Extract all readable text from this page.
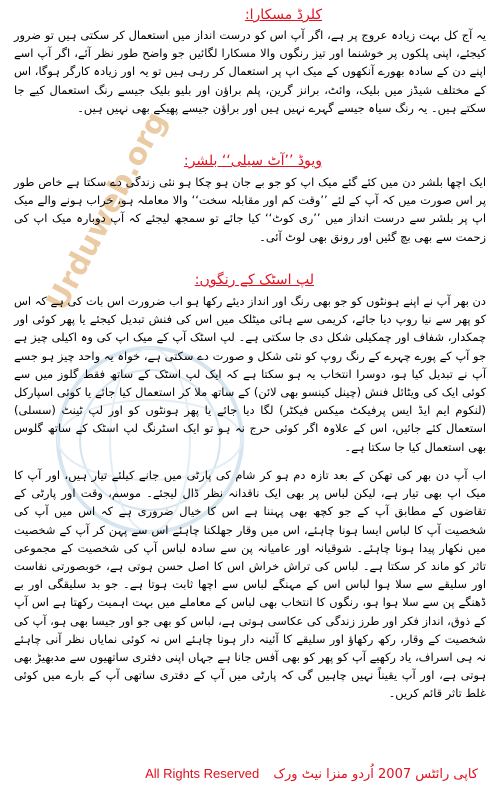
Urduweb.org
کلرڈ مسکارا:
یہ آج کل بہت زیادہ عروج پر ہے، اگر آپ اس کو درست انداز میں استعمال کر سکتی ہیں تو ضرور کیجئے، اپنی پلکوں پر خوشنما اور تیز رنگوں والا مسکارا لگائیں جو واضح طور نظر آئے، اگر آپ اسے اپنے دن کے سادہ بھورے آنکھوں کے میک اپ پر استعمال کر رہی ہیں تو یہ اور زیادہ کارگر ہوگا، اس کے مختلف شیڈز میں بلیک، وائٹ، برانز گرین، پلم براؤن اور بلیو بلیک جیسے رنگ استعمال کیے جا سکتے ہیں۔ یہ رنگ سیاہ جیسے گہرے نہیں ہیں اور براؤن جیسے پھیکے بھی نہیں ہیں۔
ویوڈ ’’آٹ سیلی‘‘ بلشر:
ایک اچھا بلشر دن میں کئے گئے میک اپ کو جو بے جان ہو چکا ہو نئی زندگی دے سکتا ہے خاص طور پر اس صورت میں کہ آپ کے لئے ’’وقت کم اور مقابلہ سخت‘‘ والا معاملہ ہو، خراب ہونے والے میک اپ پر بلشر سے درست انداز میں ’’ری کوٹ‘‘ کیا جائے تو سمجھ لیجئے کہ آپ دوبارہ میک اپ کی زحمت سے بھی بچ گئیں اور رونق بھی لوٹ آئی۔
لپ اسٹک کے رنگوں:
دن بھر آپ نے اپنے ہونٹوں کو جو بھی رنگ اور انداز دیئے رکھا ہو اب ضرورت اس بات کی ہے کہ اس کو پھر سے نیا روپ دیا جائے، کریمی سے ہائی میٹلک میں اس کی فنش تبدیل کیجئے یا پھر کوئی اور چمکدار، شفاف اور چمکیلی شکل دی جا سکتی ہے۔ لپ اسٹک آپ کے میک اپ کی وہ اکیلی چیز ہے جو آپ کے پورے چہرے کے رنگ روپ کو نئی شکل و صورت دے سکتی ہے، خواہ یہ واحد چیز ہو جسے آپ نے تبدیل کیا ہو، دوسرا انتخاب یہ ہو سکتا ہے کہ ایک لپ اسٹک کے ساتھ فقط گلوز میں سے کوئی ایک کی ویٹائل فنش (چینل کینسو بھی لائن) کے ساتھ ملا کر استعمال کیا جائے یا کوئی اسپارکل (لنکوم ایم ایڈ ایس پرفیکٹ میکس فیکٹر) لگا دیا جائے یا پھر ہونٹوں کو اور لپ ٹینٹ (سسلی) استعمال کئے جائیں، اس کے علاوہ اگر کوئی حرج نہ ہو تو ایک اسٹرنگ لپ اسٹک کے ساتھ گلوس بھی استعمال کیا جا سکتا ہے۔
اب آپ دن بھر کی تھکن کے بعد تازہ دم ہو کر شام کی پارٹی میں جانے کیلئے تیار ہیں، اور آپ کا میک اپ بھی تیار ہے، لیکن لباس پر بھی ایک ناقدانہ نظر ڈال لیجئے۔ موسم، وقت اور پارٹی کے تقاضوں کے مطابق آپ کے جو کچھ بھی پہننا ہے اس کا خیال ضروری ہے کہ اس میں آپ کی شخصیت آپ کا لباس ایسا ہونا چاہئے، اس میں وقار جھلکنا چاہئے اس سے پہن کر آپ کے شخصیت میں نکھار پیدا ہونا چاہئے۔ شوقیانہ اور عامیانہ پن سے سادہ لباس آپ کی شخصیت کے مجموعی تاثر کو ماند کر سکتا ہے۔ لباس کی تراش خراش اس کا اصل حسن ہوتی ہے، خوبصورتی نفاست اور سلیقے سے سلا ہوا لباس اس کے مہنگے لباس سے اچھا ثابت ہوتا ہے۔ جو بد سلیقگی اور بے ڈھنگے پن سے سلا ہوا ہو، رنگوں کا انتخاب بھی لباس کے معاملے میں بہت اہمیت رکھتا ہے اس آپ کے ذوق، انداز فکر اور طرز زندگی کی عکاسی ہوتی ہے، لباس کو بھی جو اور جیسا بھی ہو، آپ کی شخصیت کے وقار، رکھ رکھاؤ اور سلیقے کا آئینہ دار ہونا چاہئے اس نہ کوئی نمایاں نظر آنی چاہئے نہ ہی اسراف، یاد رکھیے آپ کو پھر کو بھی آفس جانا ہے جہاں اپنی دفتری ساتھیوں سے مدبھیڑ بھی ہوتی ہے، اور آپ یقیناً نہیں چاہیں گی کہ پارٹی میں آپ کے دفتری ساتھی آپ کے بارے میں کوئی غلط تاثر قائم کریں۔
کاپی رائٹس 2007 اُردو منزا نیٹ ورک All Rights Reserved
